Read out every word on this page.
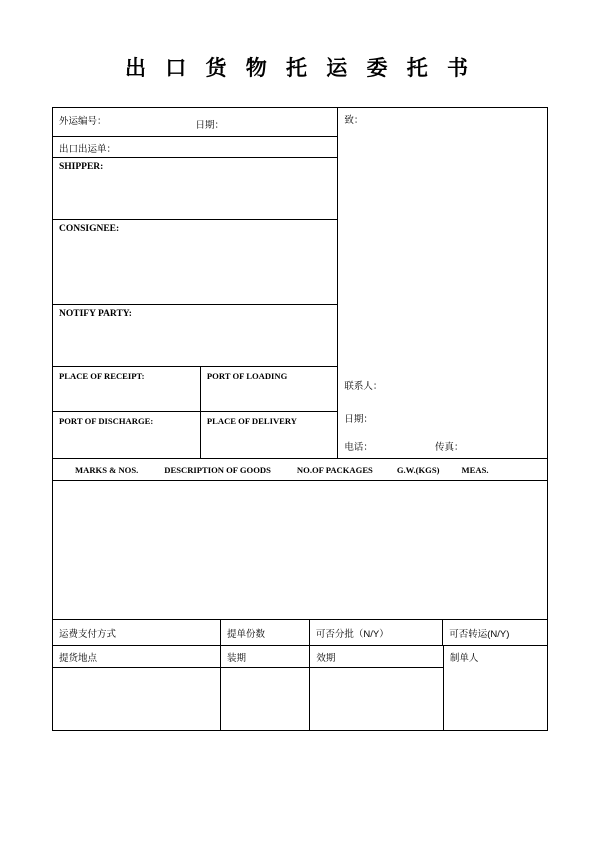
出 口 货 物 托 运 委 托 书
外运编号：	日期：
出口出运单：
SHIPPER:
CONSIGNEE:
NOTIFY PARTY:
PLACE OF RECEIPT:	PORT OF LOADING
PORT OF DISCHARGE:	PLACE OF DELIVERY
致：
联系人：
日期：
电话：	传真：
MARKS & NOS.	DESCRIPTION OF GOODS	NO.OF PACKAGES	G.W.(KGS)	MEAS.
运费支付方式	提单份数	可否分批（N/Y）	可否转运(N/Y)
提货地点	装期	效期	制单人
